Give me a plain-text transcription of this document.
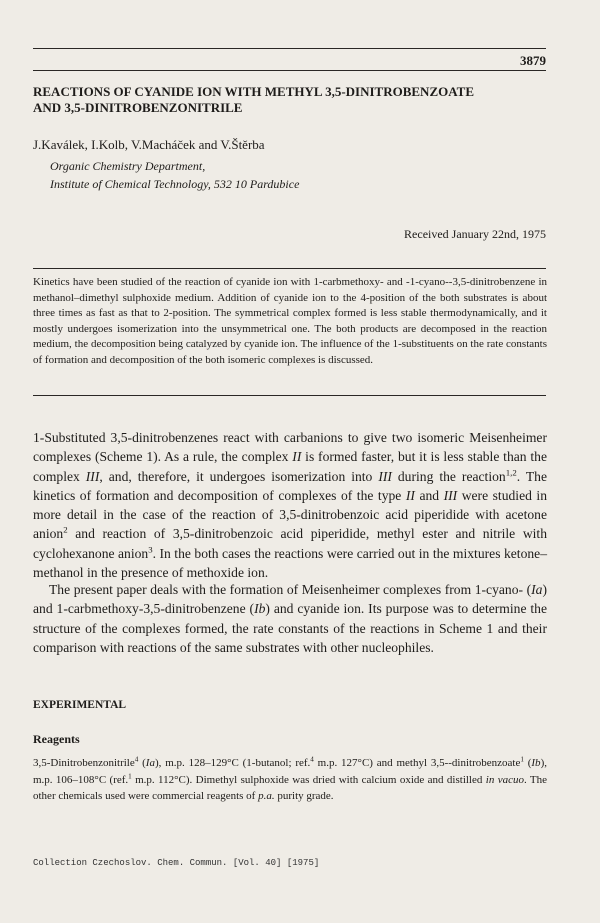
3879
REACTIONS OF CYANIDE ION WITH METHYL 3,5-DINITROBENZOATE
AND 3,5-DINITROBENZONITRILE
J.Kaválek, I.Kolb, V.Macháček and V.Štěrba
Organic Chemistry Department,
Institute of Chemical Technology, 532 10 Pardubice
Received January 22nd, 1975

Kinetics have been studied of the reaction of cyanide ion with 1-carbmethoxy- and -1-cyano--3,5-dinitrobenzene in methanol–dimethyl sulphoxide medium. Addition of cyanide ion to the 4-position of the both substrates is about three times as fast as that to 2-position. The symmetrical complex formed is less stable thermodynamically, and it mostly undergoes isomerization into the unsymmetrical one. The both products are decomposed in the reaction medium, the decomposition being catalyzed by cyanide ion. The influence of the 1-substituents on the rate constants of formation and decomposition of the both isomeric complexes is discussed.

1-Substituted 3,5-dinitrobenzenes react with carbanions to give two isomeric Meisenheimer complexes (Scheme 1). As a rule, the complex II is formed faster, but it is less stable than the complex III, and, therefore, it undergoes isomerization into III during the reaction$^{1,2}$. The kinetics of formation and decomposition of complexes of the type II and III were studied in more detail in the case of the reaction of 3,5-dinitrobenzoic acid piperidide with acetone anion$^2$ and reaction of 3,5-dinitrobenzoic acid piperidide, methyl ester and nitrile with cyclohexanone anion$^3$. In the both cases the reactions were carried out in the mixtures ketone–methanol in the presence of methoxide ion.

The present paper deals with the formation of Meisenheimer complexes from 1-cyano- (Ia) and 1-carbmethoxy-3,5-dinitrobenzene (Ib) and cyanide ion. Its purpose was to determine the structure of the complexes formed, the rate constants of the reactions in Scheme 1 and their comparison with reactions of the same substrates with other nucleophiles.

EXPERIMENTAL
Reagents

3,5-Dinitrobenzonitrile$^4$ (Ia), m.p. 128–129°C (1-butanol; ref.$^4$ m.p. 127°C) and methyl 3,5--dinitrobenzoate$^1$ (Ib), m.p. 106–108°C (ref.$^1$ m.p. 112°C). Dimethyl sulphoxide was dried with calcium oxide and distilled in vacuo. The other chemicals used were commercial reagents of p.a. purity grade.

Collection Czechoslov. Chem. Commun. [Vol. 40] [1975]
